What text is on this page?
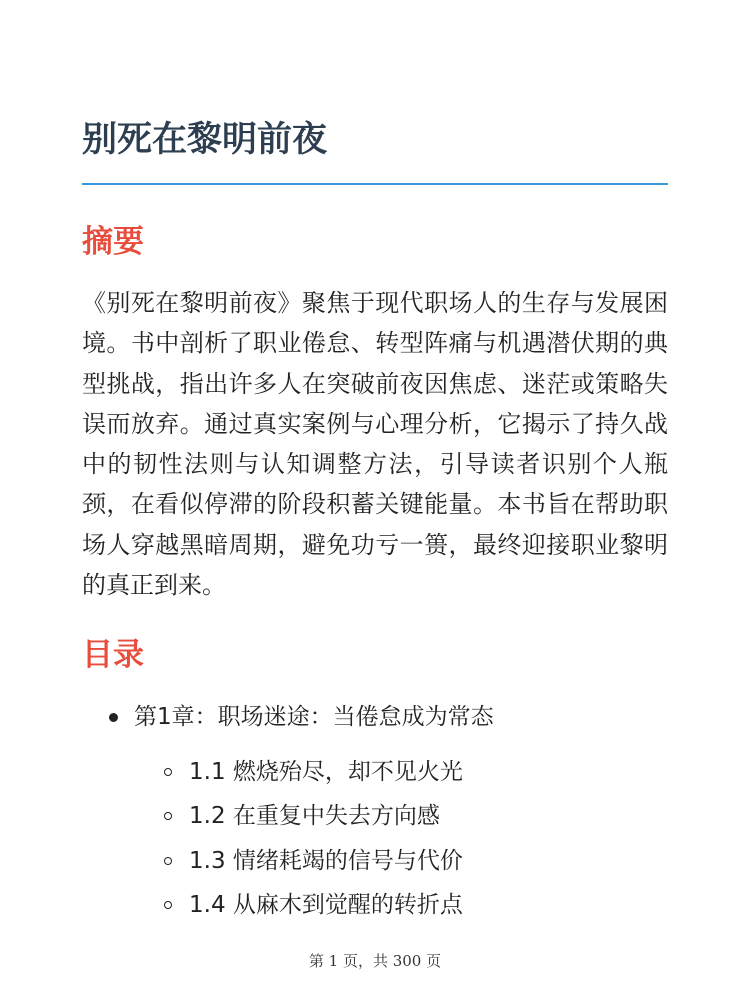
别死在黎明前夜
摘要

《别死在黎明前夜》聚焦于现代职场人的生存与发展困境。书中剖析了职业倦怠、转型阵痛与机遇潜伏期的典型挑战，指出许多人在突破前夜因焦虑、迷茫或策略失误而放弃。通过真实案例与心理分析，它揭示了持久战中的韧性法则与认知调整方法，引导读者识别个人瓶颈，在看似停滞的阶段积蓄关键能量。本书旨在帮助职场人穿越黑暗周期，避免功亏一篑，最终迎接职业黎明的真正到来。

目录
第1章：职场迷途：当倦怠成为常态
1.1 燃烧殆尽，却不见火光
1.2 在重复中失去方向感
1.3 情绪耗竭的信号与代价
1.4 从麻木到觉醒的转折点
第 1 页，共 300 页
